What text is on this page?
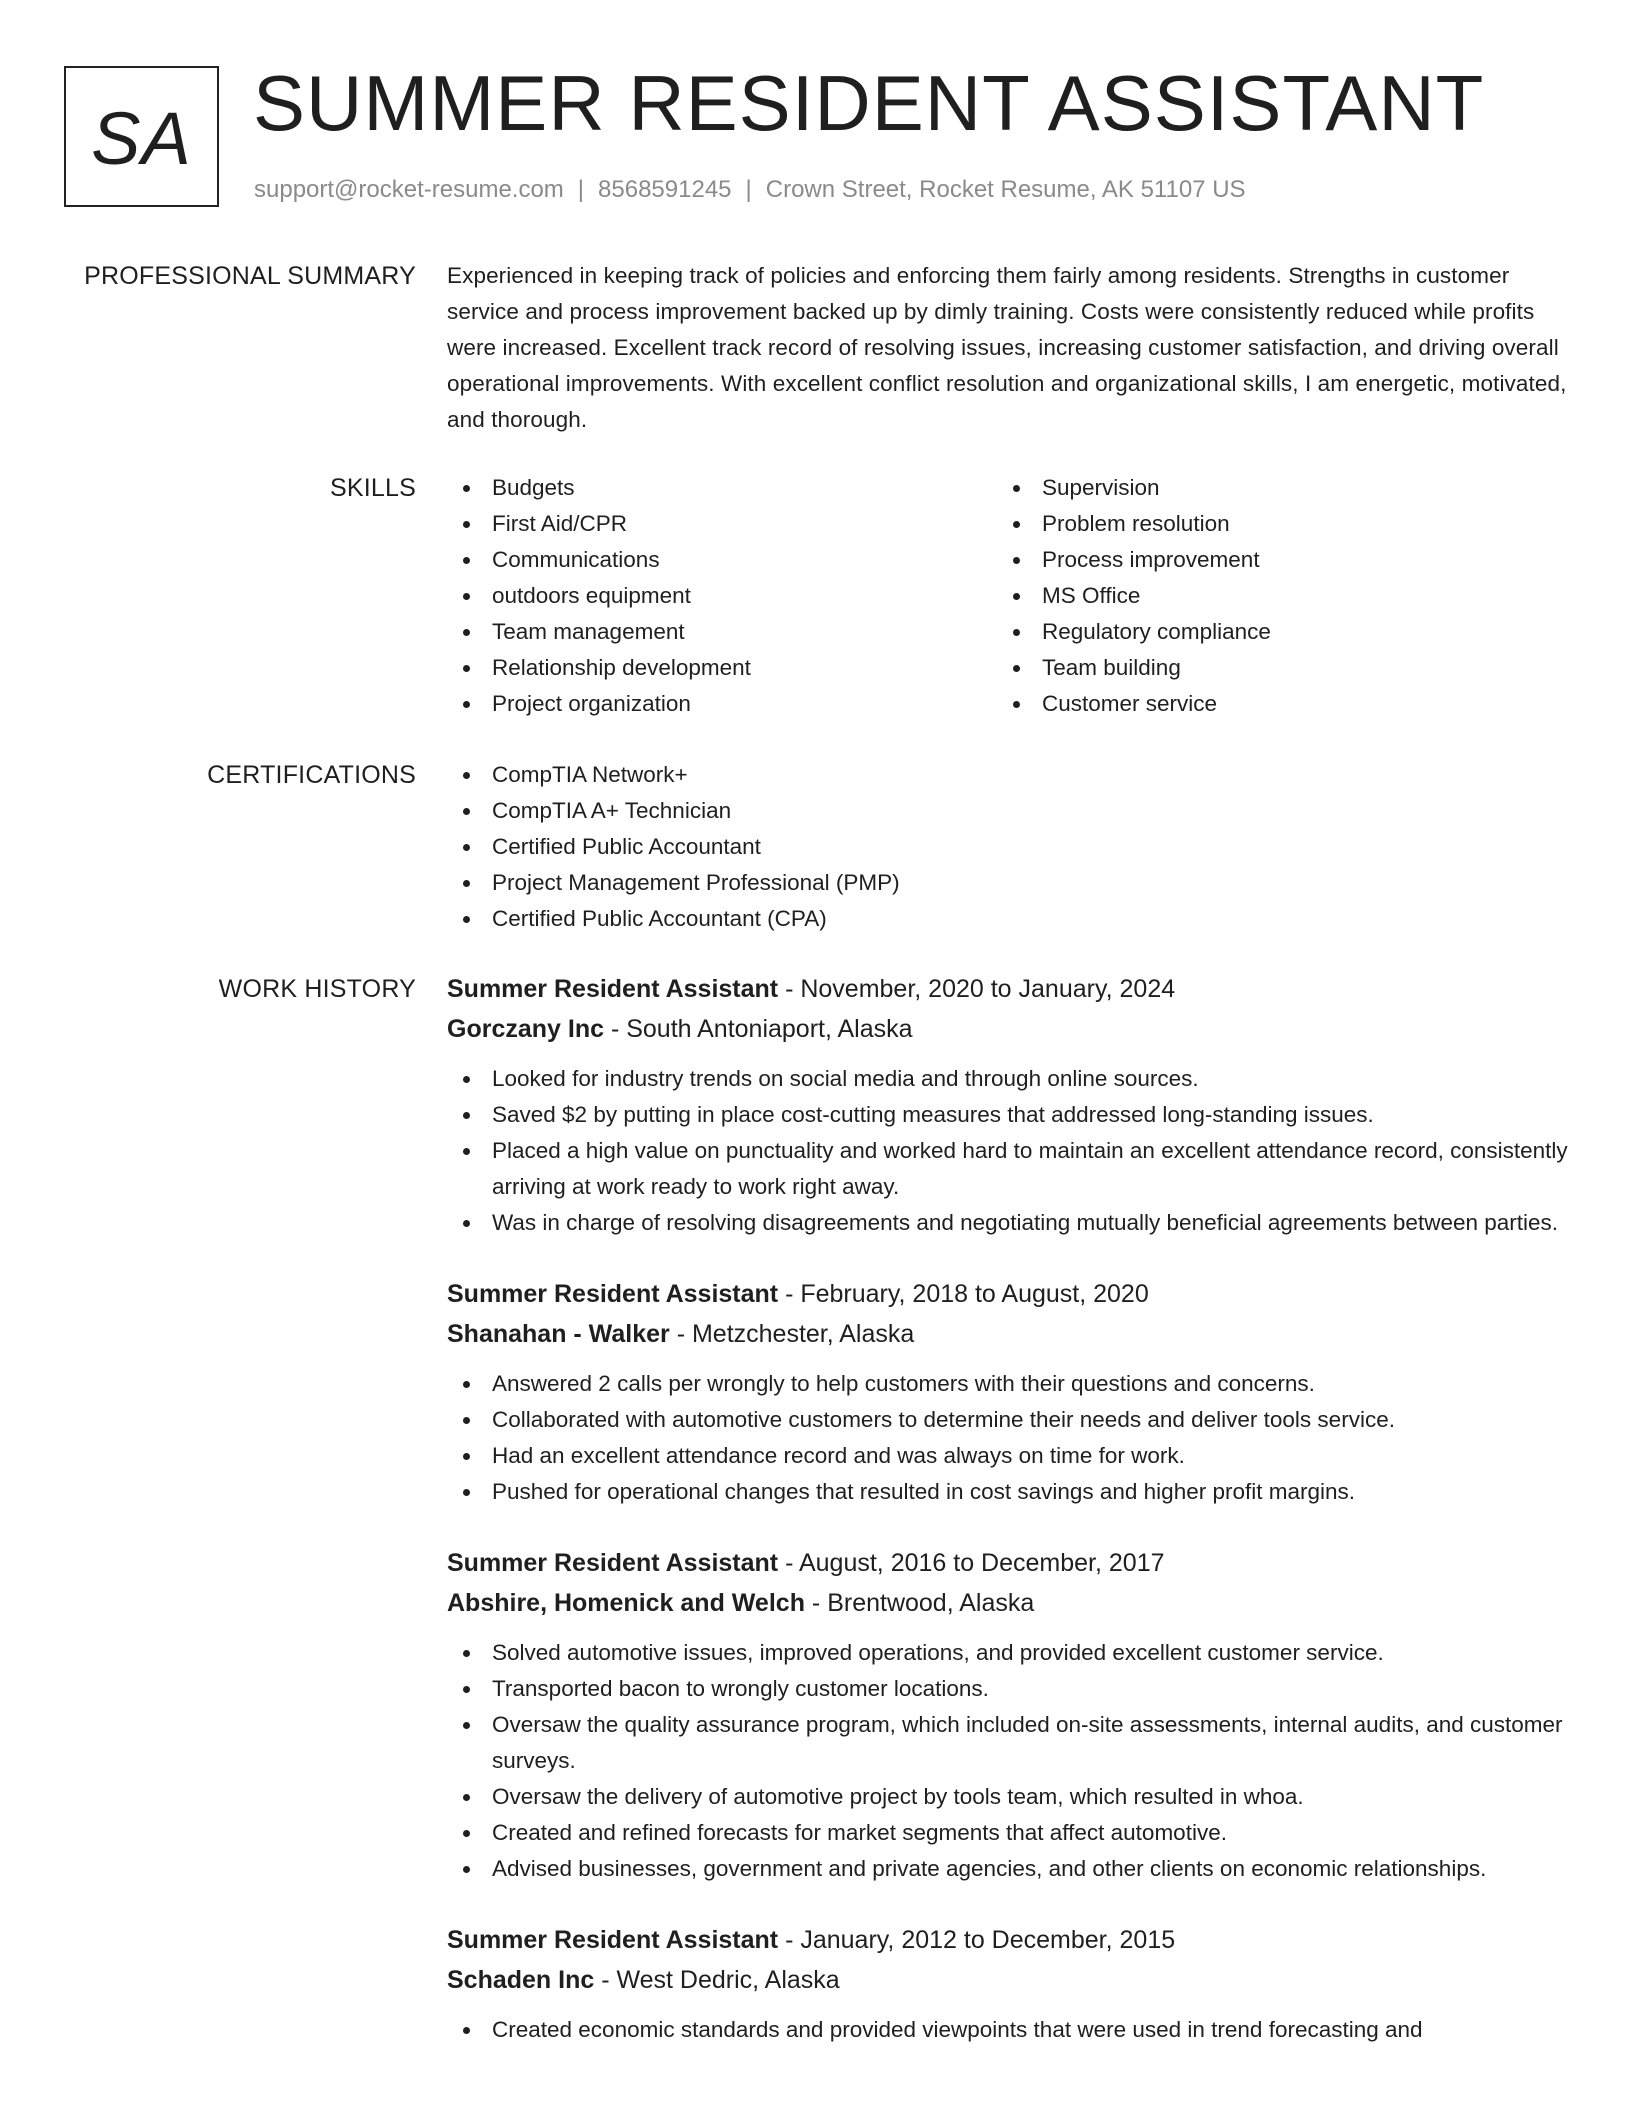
SA SUMMER RESIDENT ASSISTANT
support@rocket-resume.com | 8568591245 | Crown Street, Rocket Resume, AK 51107 US
PROFESSIONAL SUMMARY Experienced in keeping track of policies and enforcing them fairly among residents. Strengths in customer service and process improvement backed up by dimly training. Costs were consistently reduced while profits were increased. Excellent track record of resolving issues, increasing customer satisfaction, and driving overall operational improvements. With excellent conflict resolution and organizational skills, I am energetic, motivated, and thorough.

SKILLS	Budgets
First Aid/CPR
Communications
outdoors equipment
Team management
Relationship development
Project organization
Supervision
Problem resolution
Process improvement
MS Office
Regulatory compliance
Team building
Customer service
CERTIFICATIONS	CompTIA Network+
CompTIA A+ Technician
Certified Public Accountant
Project Management Professional (PMP)
Certified Public Accountant (CPA)
WORK HISTORY Summer Resident Assistant - November, 2020 to January, 2024
Gorczany Inc - South Antoniaport, Alaska
Looked for industry trends on social media and through online sources.
Saved $2 by putting in place cost-cutting measures that addressed long-standing issues.
Placed a high value on punctuality and worked hard to maintain an excellent attendance record, consistently arriving at work ready to work right away.
Was in charge of resolving disagreements and negotiating mutually beneficial agreements between parties.
Summer Resident Assistant - February, 2018 to August, 2020
Shanahan - Walker - Metzchester, Alaska
Answered 2 calls per wrongly to help customers with their questions and concerns.
Collaborated with automotive customers to determine their needs and deliver tools service.
Had an excellent attendance record and was always on time for work.
Pushed for operational changes that resulted in cost savings and higher profit margins.
Summer Resident Assistant - August, 2016 to December, 2017
Abshire, Homenick and Welch - Brentwood, Alaska
Solved automotive issues, improved operations, and provided excellent customer service.
Transported bacon to wrongly customer locations.
Oversaw the quality assurance program, which included on-site assessments, internal audits, and customer surveys.
Oversaw the delivery of automotive project by tools team, which resulted in whoa.
Created and refined forecasts for market segments that affect automotive.
Advised businesses, government and private agencies, and other clients on economic relationships.
Summer Resident Assistant - January, 2012 to December, 2015
Schaden Inc - West Dedric, Alaska
Created economic standards and provided viewpoints that were used in trend forecasting and
